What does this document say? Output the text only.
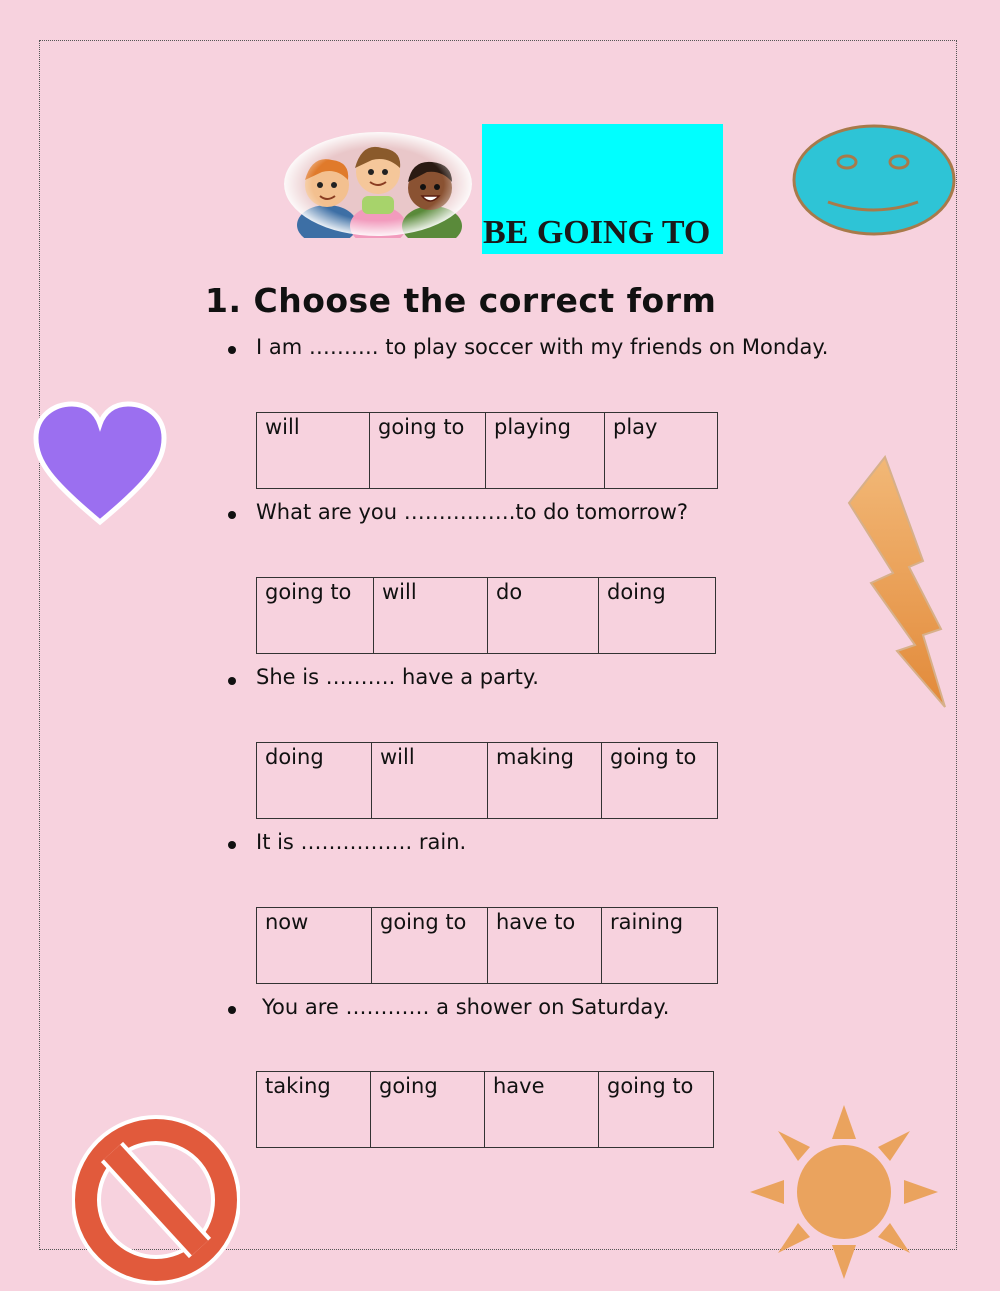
BE GOING TO
1. Choose the correct form
I am ………. to play soccer with my friends on Monday.
will	going to	playing	play
What are you …………….to do tomorrow?
going to	will	do	doing
She is ………. have a party.
doing	will	making	going to
It is ……………. rain.
now	going to	have to	raining
You are ………… a shower on Saturday.
taking	going	have	going to
